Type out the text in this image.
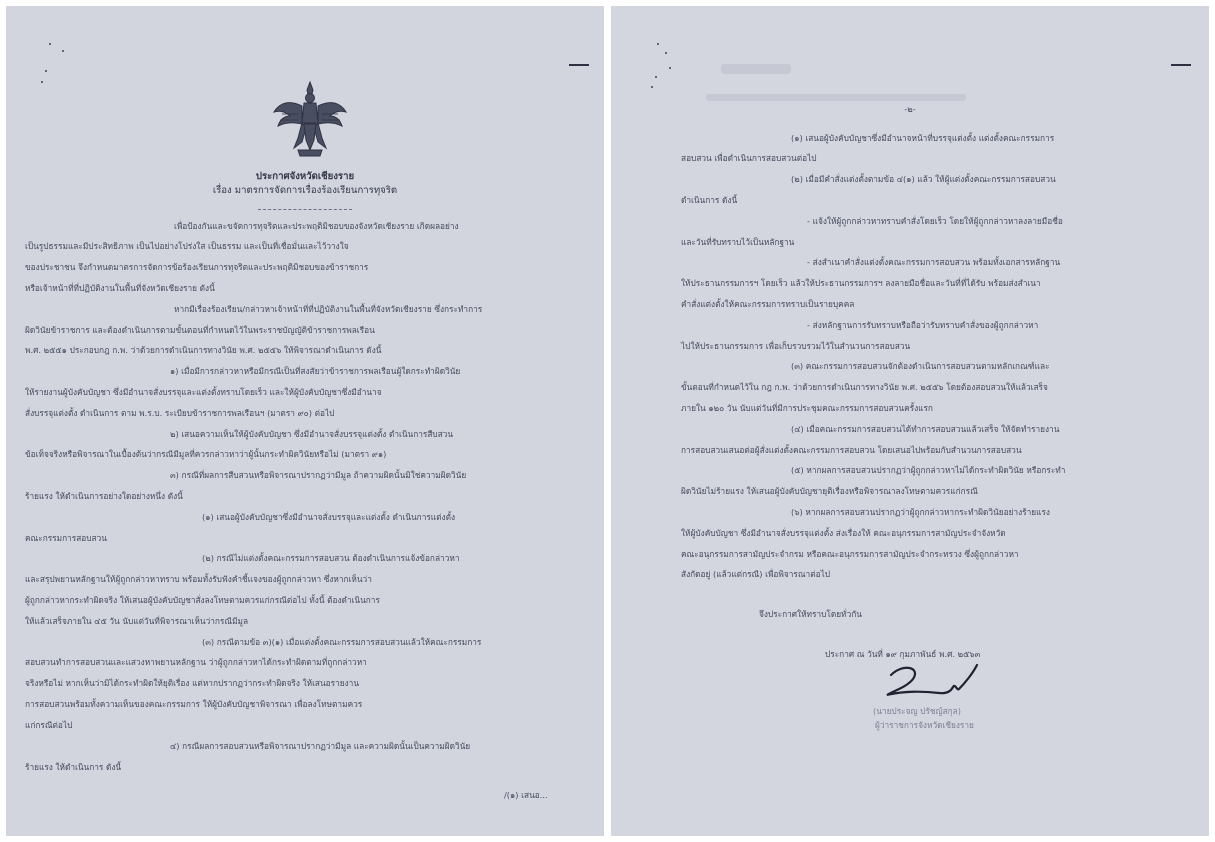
ประกาศจังหวัดเชียงราย
เรื่อง มาตรการจัดการเรื่องร้องเรียนการทุจริต
เพื่อป้องกันและขจัดการทุจริตและประพฤติมิชอบของจังหวัดเชียงราย เกิดผลอย่าง
เป็นรูปธรรมและมีประสิทธิภาพ เป็นไปอย่างโปร่งใส เป็นธรรม และเป็นที่เชื่อมั่นและไว้วางใจ
ของประชาชน จึงกำหนดมาตรการจัดการข้อร้องเรียนการทุจริตและประพฤติมิชอบของข้าราชการ
หรือเจ้าหน้าที่ที่ปฏิบัติงานในพื้นที่จังหวัดเชียงราย ดังนี้
หากมีเรื่องร้องเรียน/กล่าวหาเจ้าหน้าที่ที่ปฏิบัติงานในพื้นที่จังหวัดเชียงราย ซึ่งกระทำการ
ผิดวินัยข้าราชการ และต้องดำเนินการตามขั้นตอนที่กำหนดไว้ในพระราชบัญญัติข้าราชการพลเรือน
พ.ศ. ๒๕๕๑ ประกอบกฎ ก.พ. ว่าด้วยการดำเนินการทางวินัย พ.ศ. ๒๕๕๖ ให้พิจารณาดำเนินการ ดังนี้
๑) เมื่อมีการกล่าวหาหรือมีกรณีเป็นที่สงสัยว่าข้าราชการพลเรือนผู้ใดกระทำผิดวินัย
ให้รายงานผู้บังคับบัญชา ซึ่งมีอำนาจสั่งบรรจุและแต่งตั้งทราบโดยเร็ว และให้ผู้บังคับบัญชาซึ่งมีอำนาจ
สั่งบรรจุแต่งตั้ง ดำเนินการ ตาม พ.ร.บ. ระเบียบข้าราชการพลเรือนฯ (มาตรา ๙๐) ต่อไป
๒) เสนอความเห็นให้ผู้บังคับบัญชา ซึ่งมีอำนาจสั่งบรรจุแต่งตั้ง ดำเนินการสืบสวน
ข้อเท็จจริงหรือพิจารณาในเบื้องต้นว่ากรณีมีมูลที่ควรกล่าวหาว่าผู้นั้นกระทำผิดวินัยหรือไม่ (มาตรา ๙๑)
๓) กรณีที่ผลการสืบสวนหรือพิจารณาปรากฏว่ามีมูล ถ้าความผิดนั้นมิใช่ความผิดวินัย
ร้ายแรง ให้ดำเนินการอย่างใดอย่างหนึ่ง ดังนี้
(๑) เสนอผู้บังคับบัญชาซึ่งมีอำนาจสั่งบรรจุและแต่งตั้ง ดำเนินการแต่งตั้ง
คณะกรรมการสอบสวน
(๒) กรณีไม่แต่งตั้งคณะกรรมการสอบสวน ต้องดำเนินการแจ้งข้อกล่าวหา
และสรุปพยานหลักฐานให้ผู้ถูกกล่าวหาทราบ พร้อมทั้งรับฟังคำชี้แจงของผู้ถูกกล่าวหา ซึ่งหากเห็นว่า
ผู้ถูกกล่าวหากระทำผิดจริง ให้เสนอผู้บังคับบัญชาสั่งลงโทษตามควรแก่กรณีต่อไป ทั้งนี้ ต้องดำเนินการ
ให้แล้วเสร็จภายใน ๔๕ วัน นับแต่วันที่พิจารณาเห็นว่ากรณีมีมูล
(๓) กรณีตามข้อ ๓)(๑) เมื่อแต่งตั้งคณะกรรมการสอบสวนแล้วให้คณะกรรมการ
สอบสวนทำการสอบสวนและแสวงหาพยานหลักฐาน ว่าผู้ถูกกล่าวหาได้กระทำผิดตามที่ถูกกล่าวหา
จริงหรือไม่ หากเห็นว่ามิได้กระทำผิดให้ยุติเรื่อง แต่หากปรากฏว่ากระทำผิดจริง ให้เสนอรายงาน
การสอบสวนพร้อมทั้งความเห็นของคณะกรรมการ ให้ผู้บังคับบัญชาพิจารณา เพื่อลงโทษตามควร
แก่กรณีต่อไป
๔) กรณีผลการสอบสวนหรือพิจารณาปรากฏว่ามีมูล และความผิดนั้นเป็นความผิดวินัย
ร้ายแรง ให้ดำเนินการ ดังนี้
/(๑) เสนอ...
-๒-
(๑) เสนอผู้บังคับบัญชาซึ่งมีอำนาจหน้าที่บรรจุแต่งตั้ง แต่งตั้งคณะกรรมการ
สอบสวน เพื่อดำเนินการสอบสวนต่อไป
(๒) เมื่อมีคำสั่งแต่งตั้งตามข้อ ๔(๑) แล้ว ให้ผู้แต่งตั้งคณะกรรมการสอบสวน
ดำเนินการ ดังนี้
- แจ้งให้ผู้ถูกกล่าวหาทราบคำสั่งโดยเร็ว โดยให้ผู้ถูกกล่าวหาลงลายมือชื่อ
และวันที่รับทราบไว้เป็นหลักฐาน
- ส่งสำเนาคำสั่งแต่งตั้งคณะกรรมการสอบสวน พร้อมทั้งเอกสารหลักฐาน
ให้ประธานกรรมการฯ โดยเร็ว แล้วให้ประธานกรรมการฯ ลงลายมือชื่อและวันที่ที่ได้รับ พร้อมส่งสำเนา
คำสั่งแต่งตั้งให้คณะกรรมการทราบเป็นรายบุคคล
- ส่งหลักฐานการรับทราบหรือถือว่ารับทราบคำสั่งของผู้ถูกกล่าวหา
ไปให้ประธานกรรมการ เพื่อเก็บรวบรวมไว้ในสำนวนการสอบสวน
(๓) คณะกรรมการสอบสวนจักต้องดำเนินการสอบสวนตามหลักเกณฑ์และ
ขั้นตอนที่กำหนดไว้ใน กฎ ก.พ. ว่าด้วยการดำเนินการทางวินัย พ.ศ. ๒๕๕๖ โดยต้องสอบสวนให้แล้วเสร็จ
ภายใน ๑๒๐ วัน นับแต่วันที่มีการประชุมคณะกรรมการสอบสวนครั้งแรก
(๔) เมื่อคณะกรรมการสอบสวนได้ทำการสอบสวนแล้วเสร็จ ให้จัดทำรายงาน
การสอบสวนเสนอต่อผู้สั่งแต่งตั้งคณะกรรมการสอบสวน โดยเสนอไปพร้อมกับสำนวนการสอบสวน
(๕) หากผลการสอบสวนปรากฏว่าผู้ถูกกล่าวหาไม่ได้กระทำผิดวินัย หรือกระทำ
ผิดวินัยไม่ร้ายแรง ให้เสนอผู้บังคับบัญชายุติเรื่องหรือพิจารณาลงโทษตามควรแก่กรณี
(๖) หากผลการสอบสวนปรากฏว่าผู้ถูกกล่าวหากระทำผิดวินัยอย่างร้ายแรง
ให้ผู้บังคับบัญชา ซึ่งมีอำนาจสั่งบรรจุแต่งตั้ง ส่งเรื่องให้ คณะอนุกรรมการสามัญประจำจังหวัด
คณะอนุกรรมการสามัญประจำกรม หรือคณะอนุกรรมการสามัญประจำกระทรวง ซึ่งผู้ถูกกล่าวหา
สังกัดอยู่ (แล้วแต่กรณี) เพื่อพิจารณาต่อไป
จึงประกาศให้ทราบโดยทั่วกัน
ประกาศ ณ วันที่ ๑๙ กุมภาพันธ์ พ.ศ. ๒๕๖๓
(นายประจญ ปรัชญ์สกุล)
ผู้ว่าราชการจังหวัดเชียงราย
